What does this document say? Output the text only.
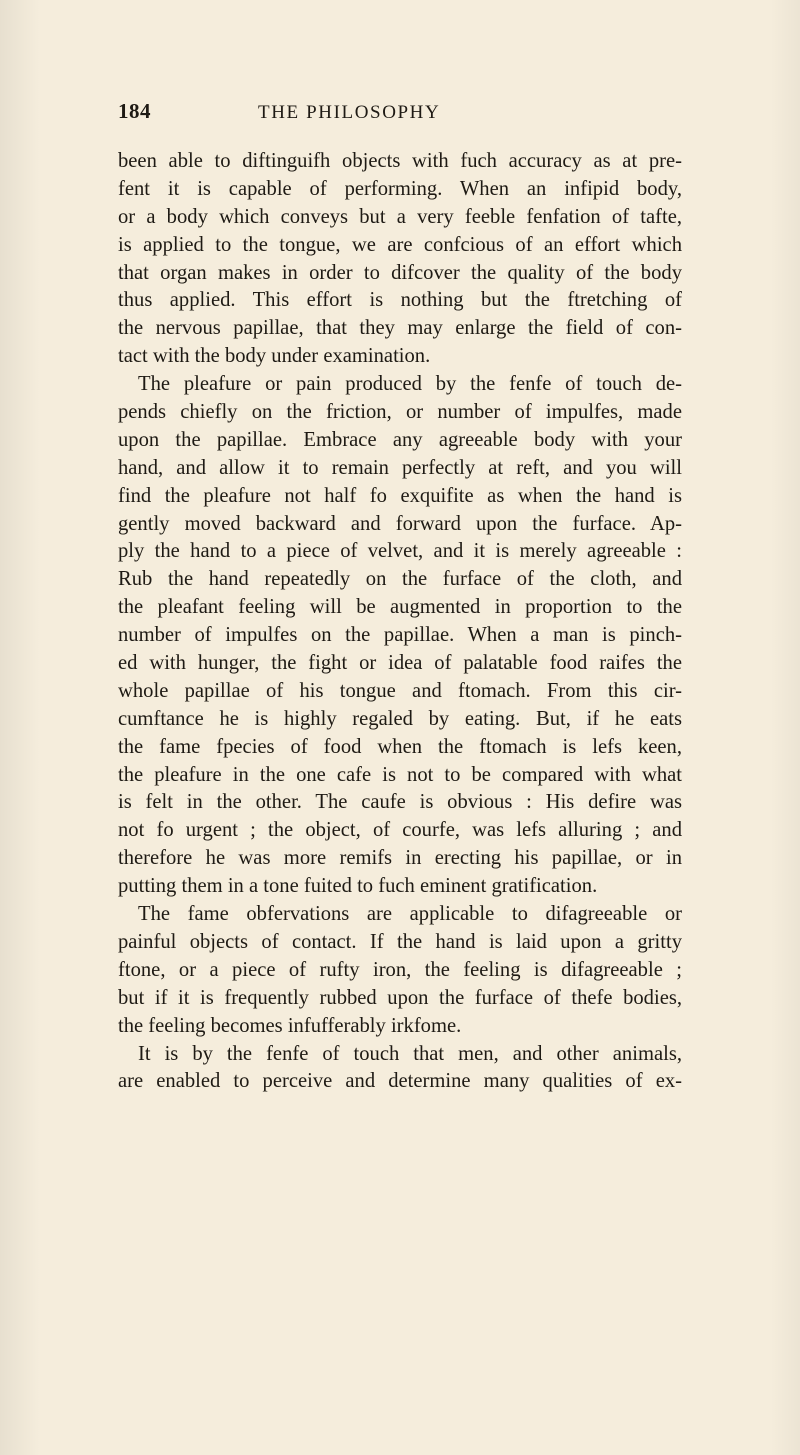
184	THE PHILOSOPHY
been able to diftinguifh objects with fuch accuracy as at pre-
fent it is capable of performing. When an infipid body,
or a body which conveys but a very feeble fenfation of tafte,
is applied to the tongue, we are confcious of an effort which
that organ makes in order to difcover the quality of the body
thus applied. This effort is nothing but the ftretching of
the nervous papillae, that they may enlarge the field of con-
tact with the body under examination.
The pleafure or pain produced by the fenfe of touch de-
pends chiefly on the friction, or number of impulfes, made
upon the papillae. Embrace any agreeable body with your
hand, and allow it to remain perfectly at reft, and you will
find the pleafure not half fo exquifite as when the hand is
gently moved backward and forward upon the furface. Ap-
ply the hand to a piece of velvet, and it is merely agreeable :
Rub the hand repeatedly on the furface of the cloth, and
the pleafant feeling will be augmented in proportion to the
number of impulfes on the papillae. When a man is pinch-
ed with hunger, the fight or idea of palatable food raifes the
whole papillae of his tongue and ftomach. From this cir-
cumftance he is highly regaled by eating. But, if he eats
the fame fpecies of food when the ftomach is lefs keen,
the pleafure in the one cafe is not to be compared with what
is felt in the other. The caufe is obvious : His defire was
not fo urgent ; the object, of courfe, was lefs alluring ; and
therefore he was more remifs in erecting his papillae, or in
putting them in a tone fuited to fuch eminent gratification.
The fame obfervations are applicable to difagreeable or
painful objects of contact. If the hand is laid upon a gritty
ftone, or a piece of rufty iron, the feeling is difagreeable ;
but if it is frequently rubbed upon the furface of thefe bodies,
the feeling becomes infufferably irkfome.
It is by the fenfe of touch that men, and other animals,
are enabled to perceive and determine many qualities of ex-
